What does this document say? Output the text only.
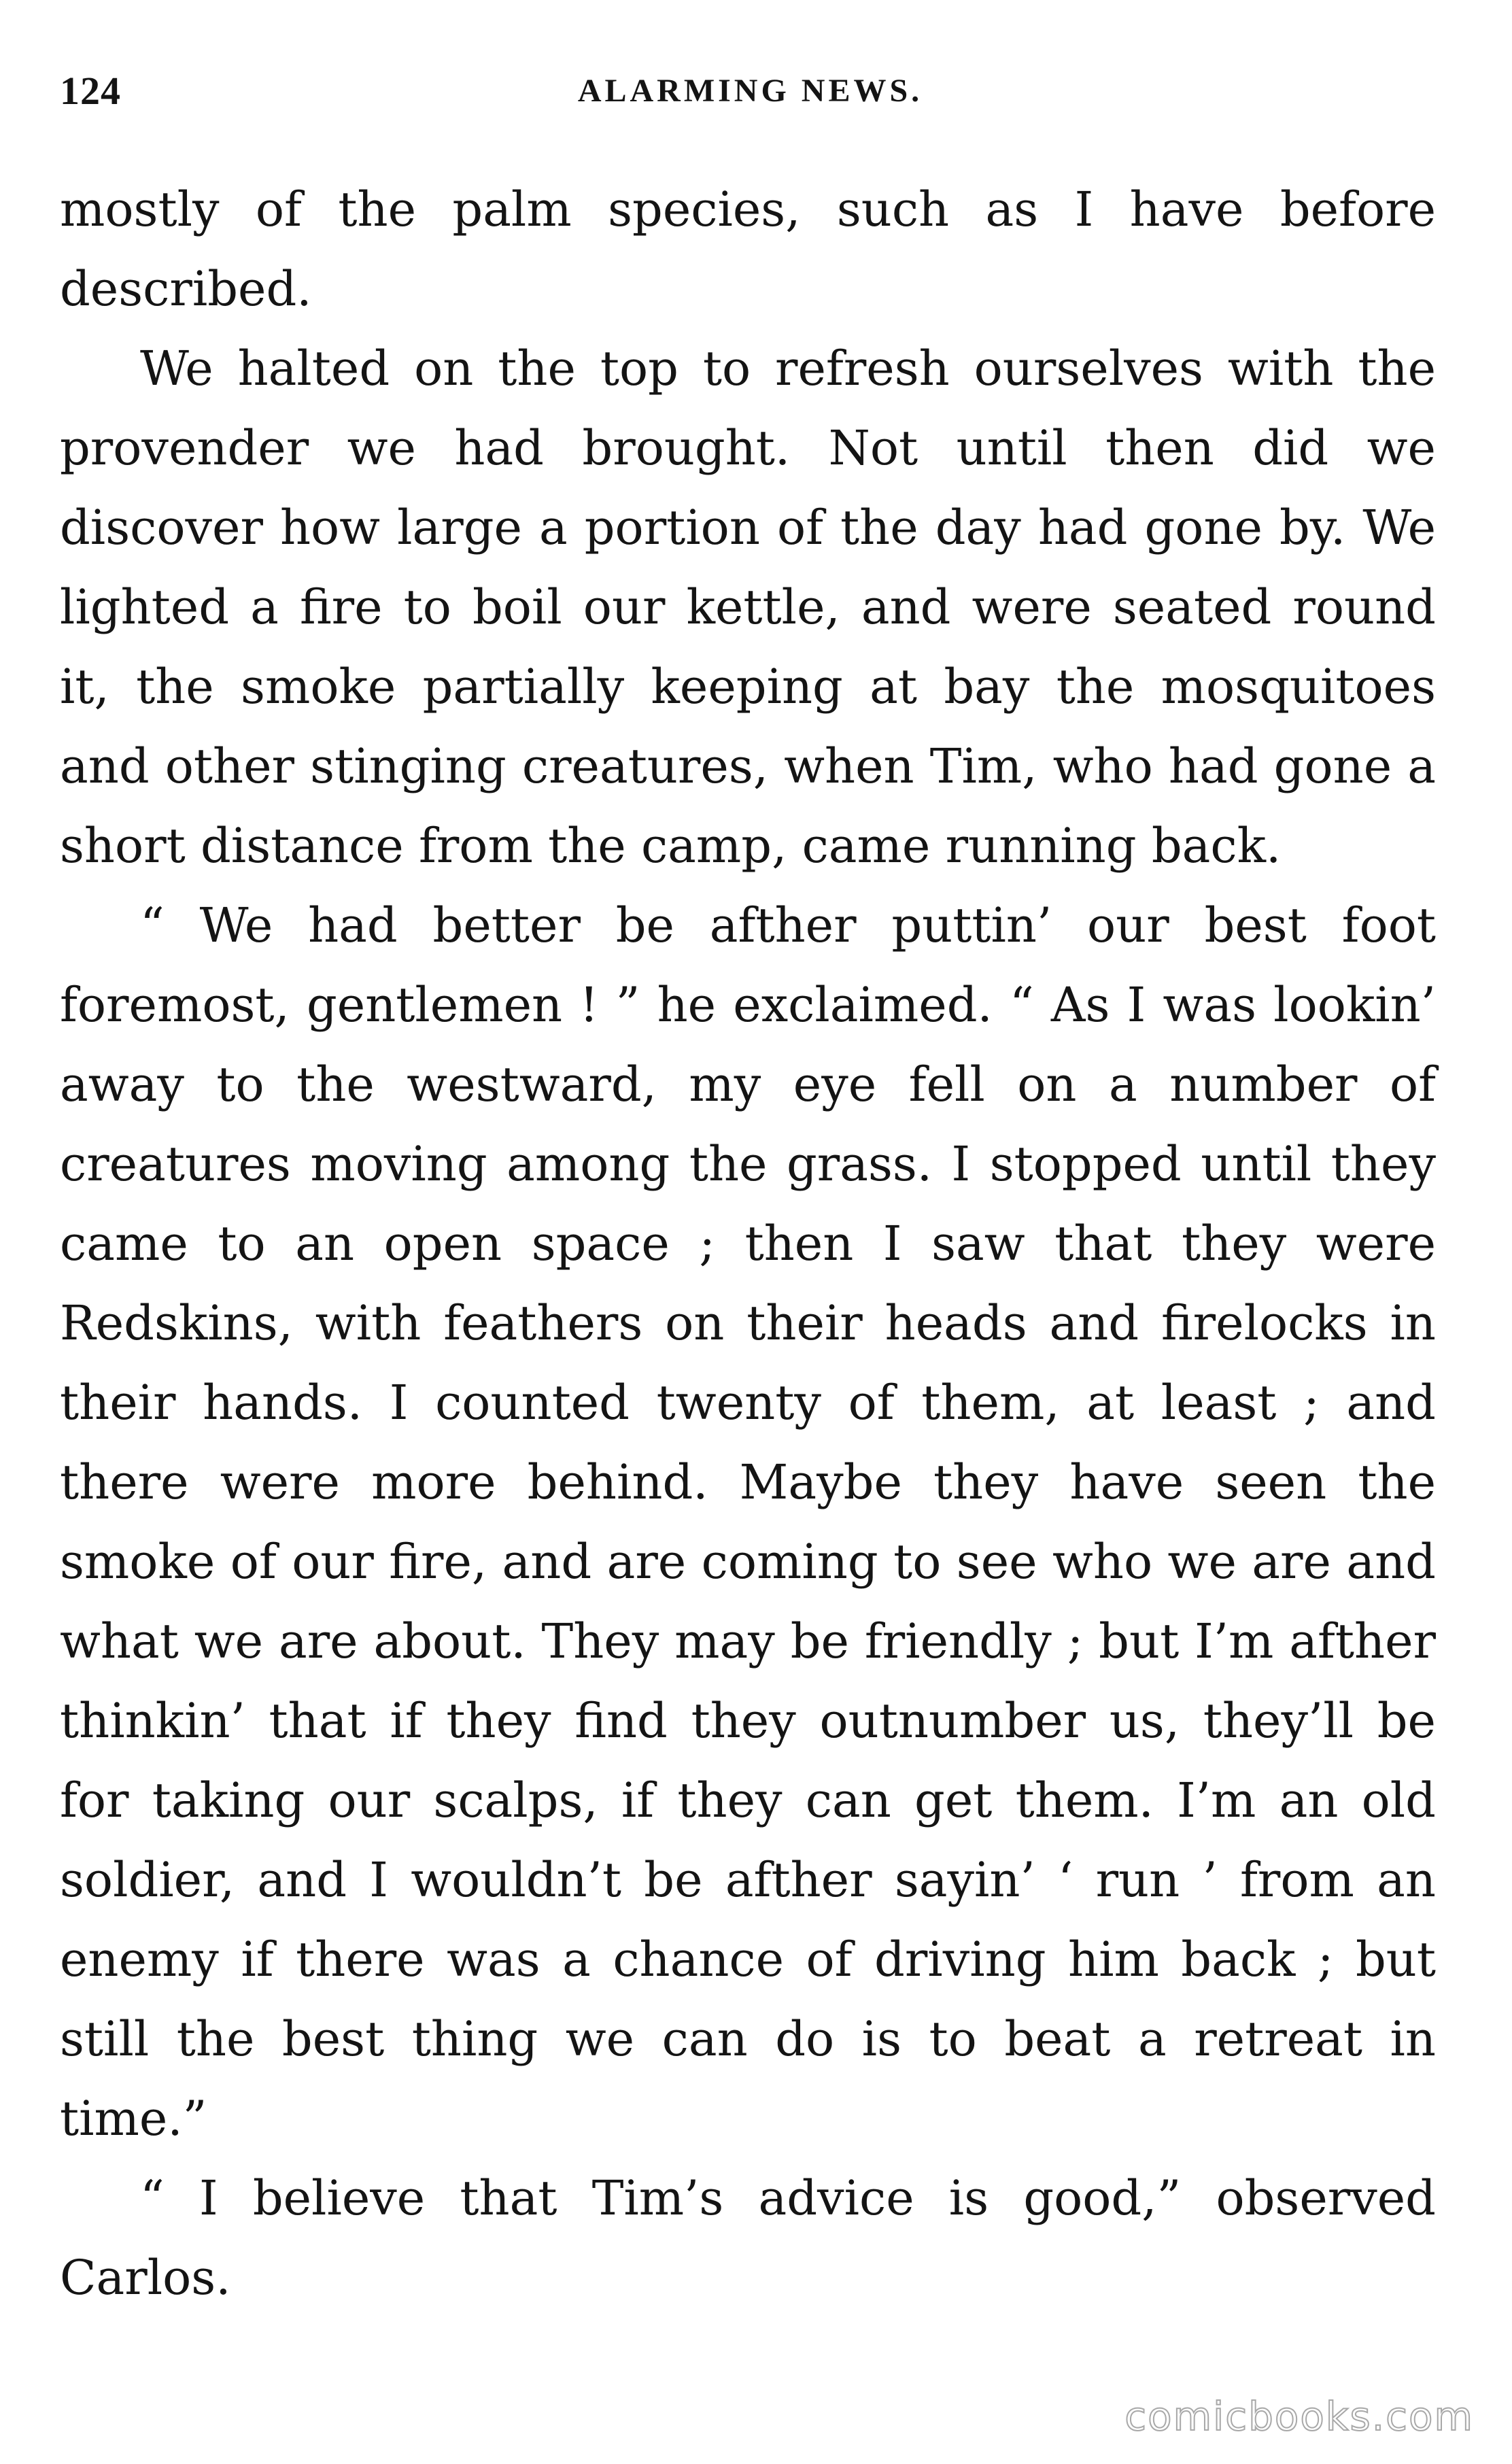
124	ALARMING NEWS.

mostly of the palm species, such as I have before described.

We halted on the top to refresh ourselves with the provender we had brought. Not until then did we discover how large a portion of the day had gone by. We lighted a fire to boil our kettle, and were seated round it, the smoke partially keeping at bay the mosquitoes and other stinging creatures, when Tim, who had gone a short distance from the camp, came running back.

“ We had better be afther puttin’ our best foot foremost, gentlemen ! ” he exclaimed. “ As I was lookin’ away to the westward, my eye fell on a number of creatures moving among the grass. I stopped until they came to an open space ; then I saw that they were Redskins, with feathers on their heads and firelocks in their hands. I counted twenty of them, at least ; and there were more behind. Maybe they have seen the smoke of our fire, and are coming to see who we are and what we are about. They may be friendly ; but I’m afther thinkin’ that if they find they outnumber us, they’ll be for taking our scalps, if they can get them. I’m an old soldier, and I wouldn’t be afther sayin’ ‘ run ’ from an enemy if there was a chance of driving him back ; but still the best thing we can do is to beat a retreat in time.”

“ I believe that Tim’s advice is good,” observed Carlos.

comicbooks.com
